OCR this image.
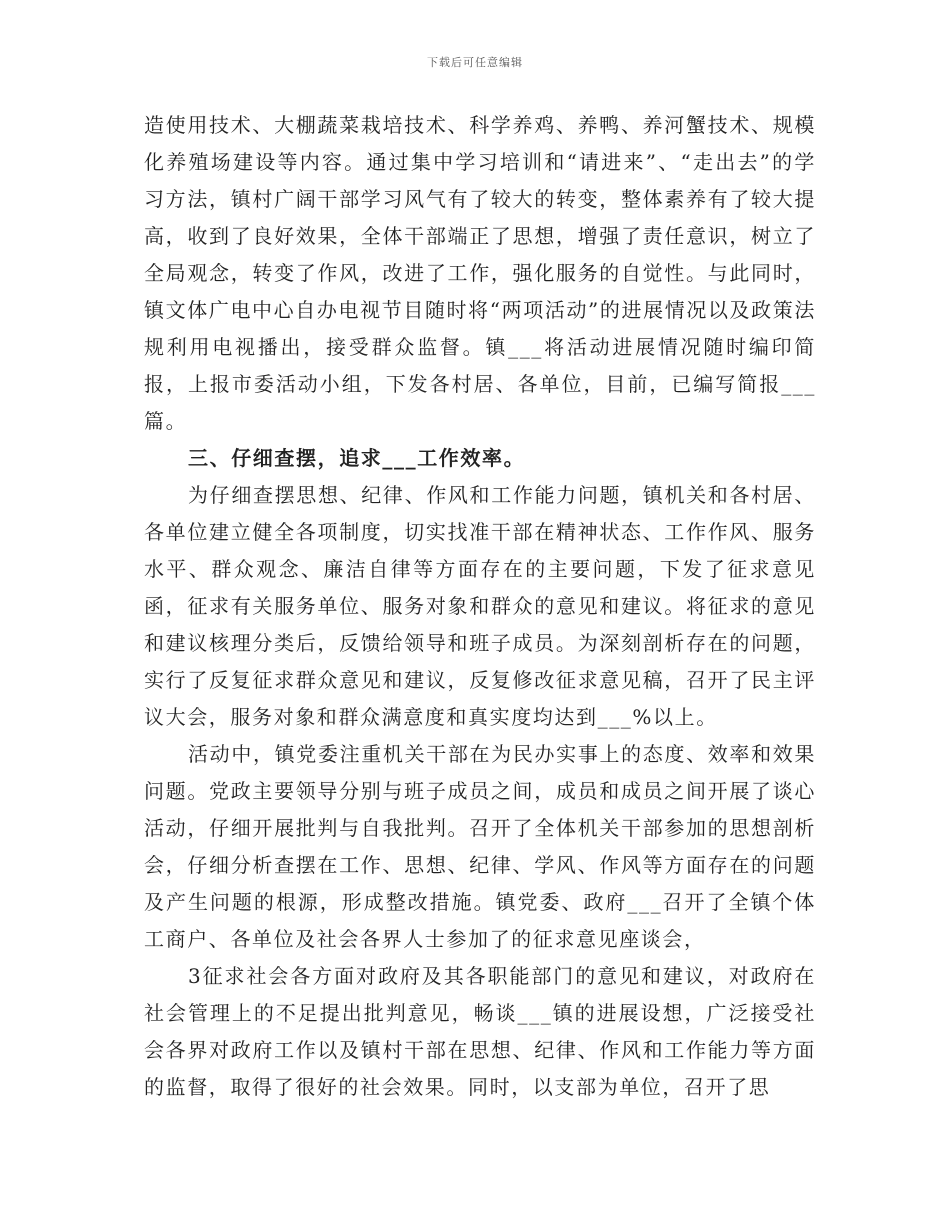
下载后可任意编辑

造使用技术、大棚蔬菜栽培技术、科学养鸡、养鸭、养河蟹技术、规模化养殖场建设等内容。通过集中学习培训和“请进来”、“走出去”的学习方法，镇村广阔干部学习风气有了较大的转变，整体素养有了较大提高，收到了良好效果，全体干部端正了思想，增强了责任意识，树立了全局观念，转变了作风，改进了工作，强化服务的自觉性。与此同时，镇文体广电中心自办电视节目随时将“两项活动”的进展情况以及政策法规利用电视播出，接受群众监督。镇___将活动进展情况随时编印简报，上报市委活动小组，下发各村居、各单位，目前，已编写简报___篇。

三、仔细查摆，追求___工作效率。

为仔细查摆思想、纪律、作风和工作能力问题，镇机关和各村居、各单位建立健全各项制度，切实找准干部在精神状态、工作作风、服务水平、群众观念、廉洁自律等方面存在的主要问题，下发了征求意见函，征求有关服务单位、服务对象和群众的意见和建议。将征求的意见和建议核理分类后，反馈给领导和班子成员。为深刻剖析存在的问题，实行了反复征求群众意见和建议，反复修改征求意见稿，召开了民主评议大会，服务对象和群众满意度和真实度均达到___%以上。

活动中，镇党委注重机关干部在为民办实事上的态度、效率和效果问题。党政主要领导分别与班子成员之间，成员和成员之间开展了谈心活动，仔细开展批判与自我批判。召开了全体机关干部参加的思想剖析会，仔细分析查摆在工作、思想、纪律、学风、作风等方面存在的问题及产生问题的根源，形成整改措施。镇党委、政府___召开了全镇个体工商户、各单位及社会各界人士参加了的征求意见座谈会，

3征求社会各方面对政府及其各职能部门的意见和建议，对政府在社会管理上的不足提出批判意见，畅谈___镇的进展设想，广泛接受社会各界对政府工作以及镇村干部在思想、纪律、作风和工作能力等方面的监督，取得了很好的社会效果。同时，以支部为单位，召开了思
